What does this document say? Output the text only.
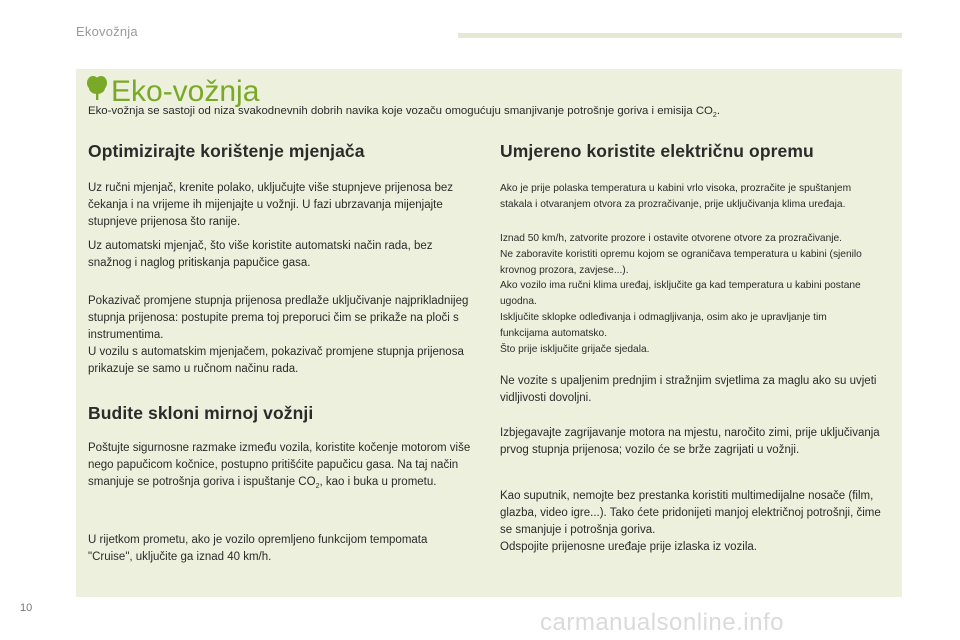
Ekovožnja
Eko-vožnja
Eko-vožnja se sastoji od niza svakodnevnih dobrih navika koje vozaču omogućuju smanjivanje potrošnje goriva i emisija $CO_2$.
Optimizirajte korištenje mjenjača

Uz ručni mjenjač, krenite polako, uključujte više stupnjeve prijenosa bez čekanja i na vrijeme ih mijenjajte u vožnji. U fazi ubrzavanja mijenjajte stupnjeve prijenosa što ranije.

Uz automatski mjenjač, što više koristite automatski način rada, bez snažnog i naglog pritiskanja papučice gasa.

Pokazivač promjene stupnja prijenosa predlaže uključivanje najprikladnijeg stupnja prijenosa: postupite prema toj preporuci čim se prikaže na ploči s instrumentima.

U vozilu s automatskim mjenjačem, pokazivač promjene stupnja prijenosa prikazuje se samo u ručnom načinu rada.

Budite skloni mirnoj vožnji

Poštujte sigurnosne razmake između vozila, koristite kočenje motorom više nego papučicom kočnice, postupno pritišćite papučicu gasa. Na taj način smanjuje se potrošnja goriva i ispuštanje $CO_2$, kao i buka u prometu.

U rijetkom prometu, ako je vozilo opremljeno funkcijom tempomata "Cruise", uključite ga iznad 40 km/h.

Umjereno koristite električnu opremu

Ako je prije polaska temperatura u kabini vrlo visoka, prozračite je spuštanjem stakala i otvaranjem otvora za prozračivanje, prije uključivanja klima uređaja.

Iznad 50 km/h, zatvorite prozore i ostavite otvorene otvore za prozračivanje.

Ne zaboravite koristiti opremu kojom se ograničava temperatura u kabini (sjenilo krovnog prozora, zavjese...).

Ako vozilo ima ručni klima uređaj, isključite ga kad temperatura u kabini postane ugodna.

Isključite sklopke odleđivanja i odmagljivanja, osim ako je upravljanje tim funkcijama automatsko.

Što prije isključite grijače sjedala.

Ne vozite s upaljenim prednjim i stražnjim svjetlima za maglu ako su uvjeti vidljivosti dovoljni.

Izbjegavajte zagrijavanje motora na mjestu, naročito zimi, prije uključivanja prvog stupnja prijenosa; vozilo će se brže zagrijati u vožnji.

Kao suputnik, nemojte bez prestanka koristiti multimedijalne nosače (film, glazba, video igre...). Tako ćete pridonijeti manjoj električnoj potrošnji, čime se smanjuje i potrošnja goriva.

Odspojite prijenosne uređaje prije izlaska iz vozila.

10
carmanualsonline.info
